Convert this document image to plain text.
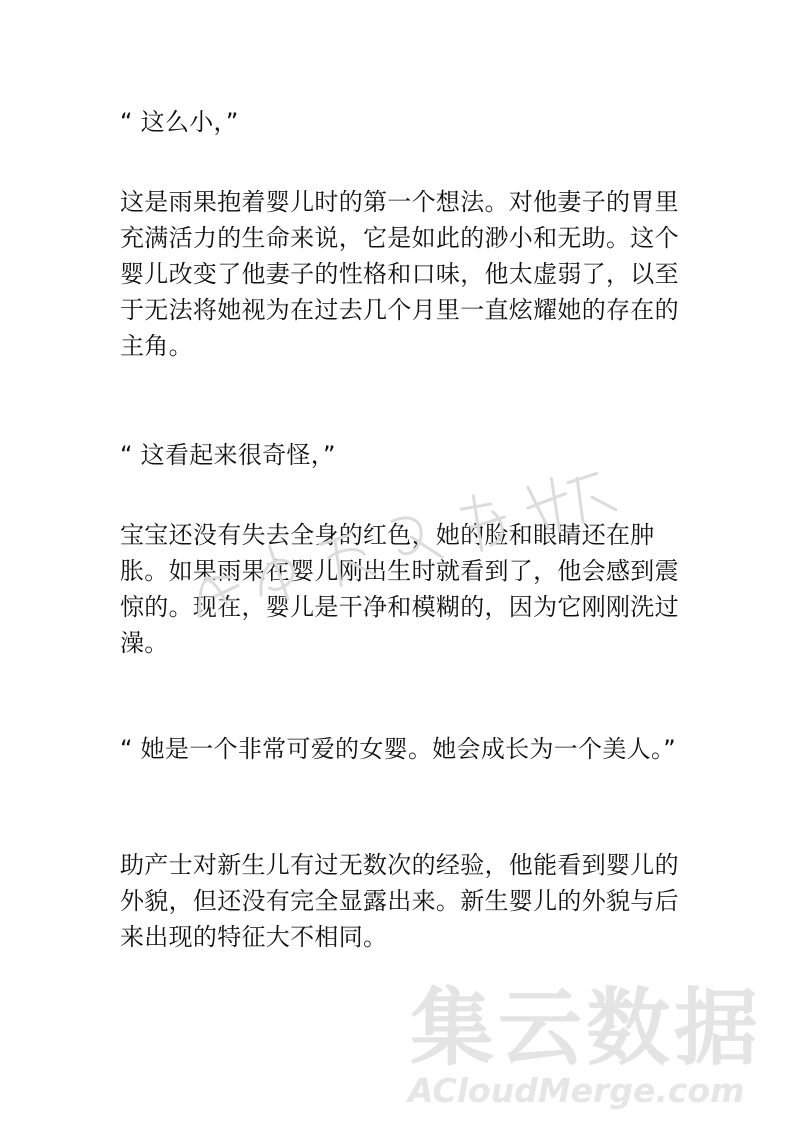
“ 这么小，”

这是雨果抱着婴儿时的第一个想法。对他妻子的胃里充满活力的生命来说，它是如此的渺小和无助。这个婴儿改变了他妻子的性格和口味，他太虚弱了，以至于无法将她视为在过去几个月里一直炫耀她的存在的主角。

“ 这看起来很奇怪，”

宝宝还没有失去全身的红色，她的脸和眼睛还在肿胀。如果雨果在婴儿刚出生时就看到了，他会感到震惊的。现在，婴儿是干净和模糊的，因为它刚刚洗过澡。

“ 她是一个非常可爱的女婴。她会成长为一个美人。”

助产士对新生儿有过无数次的经验，他能看到婴儿的外貌，但还没有完全显露出来。新生婴儿的外貌与后来出现的特征大不相同。

集云数据
ACloudMerge.com
